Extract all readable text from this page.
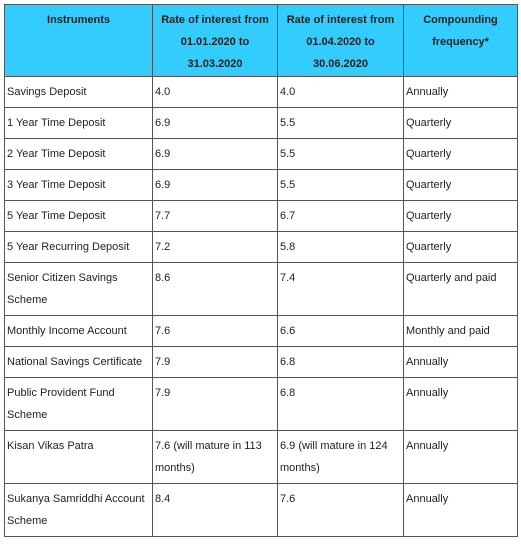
Instruments	Rate of interest from 01.01.2020 to 31.03.2020	Rate of interest from 01.04.2020 to 30.06.2020	Compounding frequency*
Savings Deposit	4.0	4.0	Annually
1 Year Time Deposit	6.9	5.5	Quarterly
2 Year Time Deposit	6.9	5.5	Quarterly
3 Year Time Deposit	6.9	5.5	Quarterly
5 Year Time Deposit	7.7	6.7	Quarterly
5 Year Recurring Deposit	7.2	5.8	Quarterly
Senior Citizen Savings Scheme	8.6	7.4	Quarterly and paid
Monthly Income Account	7.6	6.6	Monthly and paid
National Savings Certificate	7.9	6.8	Annually
Public Provident Fund Scheme	7.9	6.8	Annually
Kisan Vikas Patra	7.6 (will mature in 113 months)	6.9 (will mature in 124 months)	Annually
Sukanya Samriddhi Account Scheme	8.4	7.6	Annually
